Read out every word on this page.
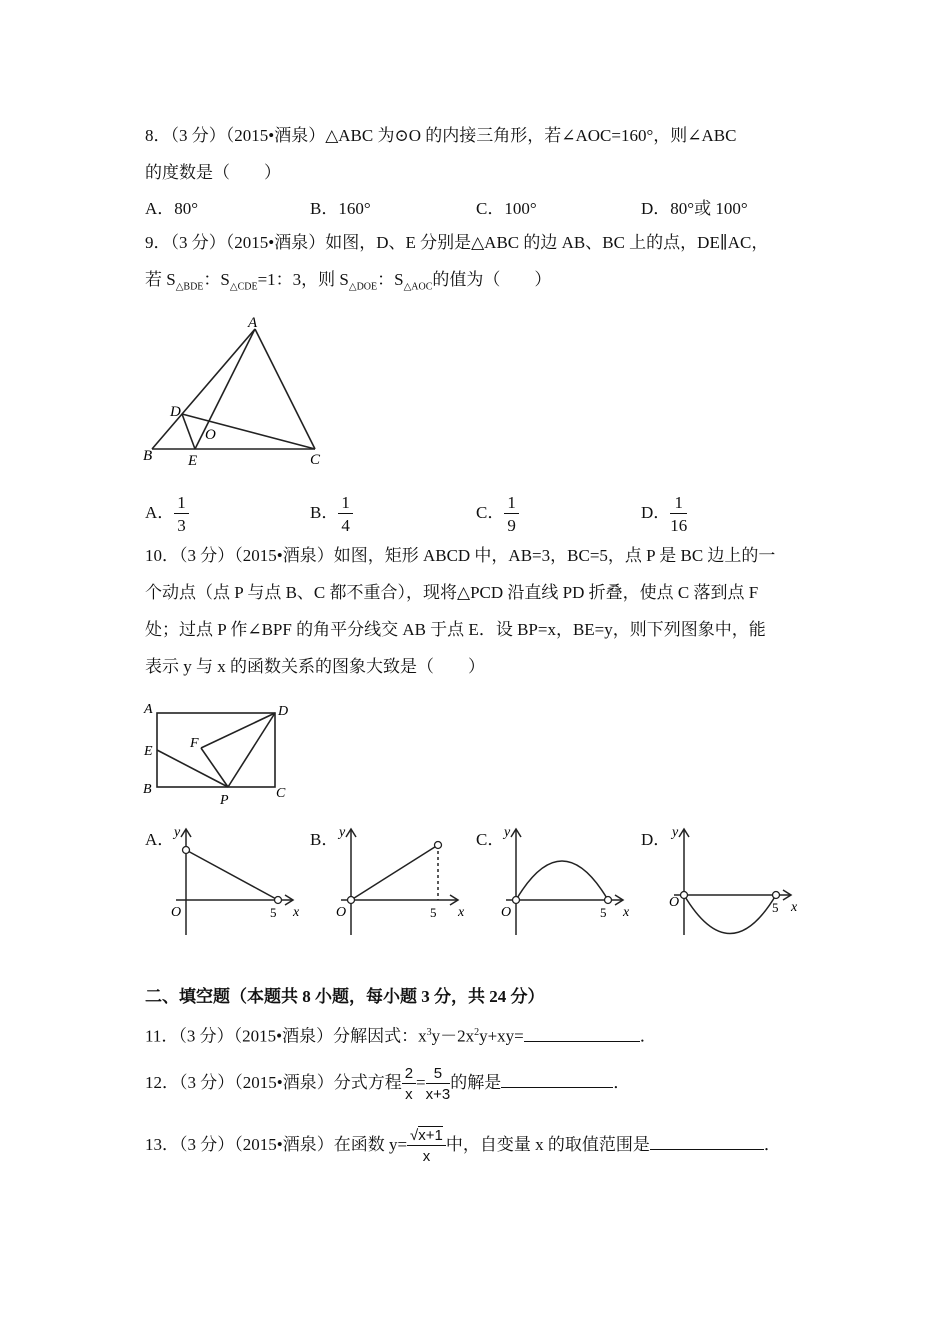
8．（3 分）（2015•酒泉）△ABC 为⊙O 的内接三角形，若∠AOC=160°，则∠ABC
的度数是（　　）
A．80°	B．160°	C．100°	D．80°或 100°
9．（3 分）（2015•酒泉）如图，D、E 分别是△ABC 的边 AB、BC 上的点，DE∥AC，
若 $S_{\triangle BDE}$：$S_{\triangle CDE}=1$：3，则 $S_{\triangle DOE}$：$S_{\triangle AOC}$的值为（　　）
A
B	C
D
E
O
A． $\frac{1}{3}$	B． $\frac{1}{4}$	C． $\frac{1}{9}$	D． $\frac{1}{16}$
10．（3 分）（2015•酒泉）如图，矩形 ABCD 中，AB=3，BC=5，点 P 是 BC 边上的一
个动点（点 P 与点 B、C 都不重合），现将△PCD 沿直线 PD 折叠，使点 C 落到点 F
处；过点 P 作∠BPF 的角平分线交 AB 于点 E．设 BP=x，BE=y，则下列图象中，能
表示 y 与 x 的函数关系的图象大致是（　　）
A
B	C
D
E
F
P
A．	B．	C．	D．
y
x
O	5
y
x
O	5
y
x
O	5
y
x
O	5
二、填空题（本题共 8 小题，每小题 3 分，共 24 分）
11．（3 分）（2015•酒泉）分解因式：$x^3y-2x^2y+xy=$	．
12．（3 分）（2015•酒泉）分式方程 $\frac{2}{x} = \frac{5}{x+3}$ 的解是	．
13．（3 分）（2015•酒泉）在函数 $y= \frac{√x+1}{x}$ 中，自变量 x 的取值范围是	．
